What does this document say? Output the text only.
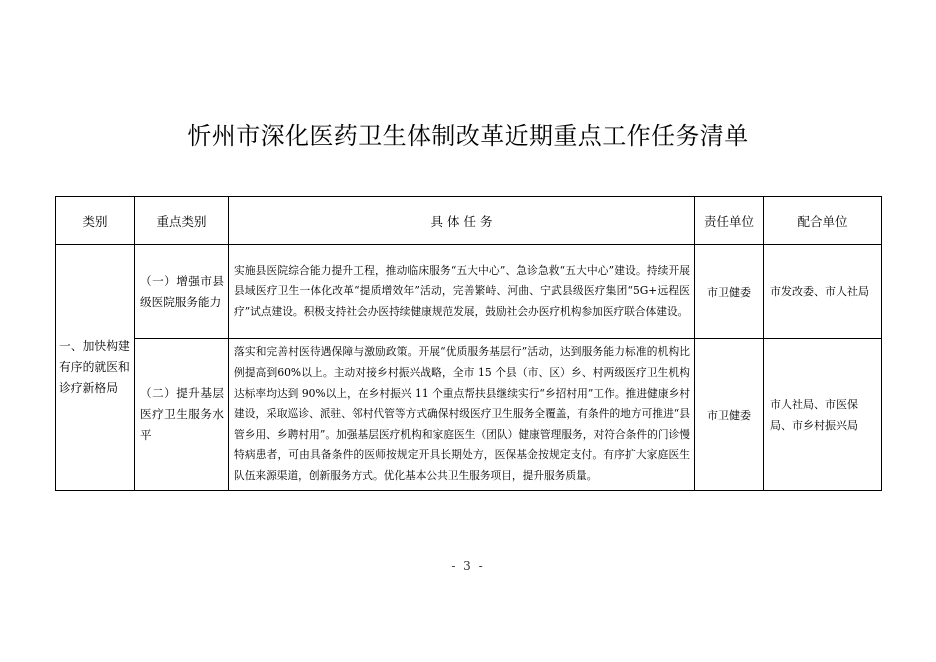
忻州市深化医药卫生体制改革近期重点工作任务清单
类别	重点类别	具 体 任 务	责任单位	配合单位
一、加快构建有序的就医和诊疗新格局	（一）增强市县级医院服务能力	实施县医院综合能力提升工程，推动临床服务“五大中心”、急诊急救“五大中心”建设。持续开展县域医疗卫生一体化改革“提质增效年”活动，完善繁峙、河曲、宁武县级医疗集团“5G+远程医疗”试点建设。积极支持社会办医持续健康规范发展，鼓励社会办医疗机构参加医疗联合体建设。	市卫健委	市发改委、市人社局
	（二）提升基层医疗卫生服务水平	落实和完善村医待遇保障与激励政策。开展“优质服务基层行”活动，达到服务能力标准的机构比例提高到60%以上。主动对接乡村振兴战略，全市 15 个县（市、区）乡、村两级医疗卫生机构达标率均达到 90%以上，在乡村振兴 11 个重点帮扶县继续实行“乡招村用”工作。推进健康乡村建设，采取巡诊、派驻、邻村代管等方式确保村级医疗卫生服务全覆盖，有条件的地方可推进“县管乡用、乡聘村用”。加强基层医疗机构和家庭医生（团队）健康管理服务，对符合条件的门诊慢特病患者，可由具备条件的医师按规定开具长期处方，医保基金按规定支付。有序扩大家庭医生队伍来源渠道，创新服务方式。优化基本公共卫生服务项目，提升服务质量。	市卫健委	市人社局、市医保局、市乡村振兴局
- 3 -
